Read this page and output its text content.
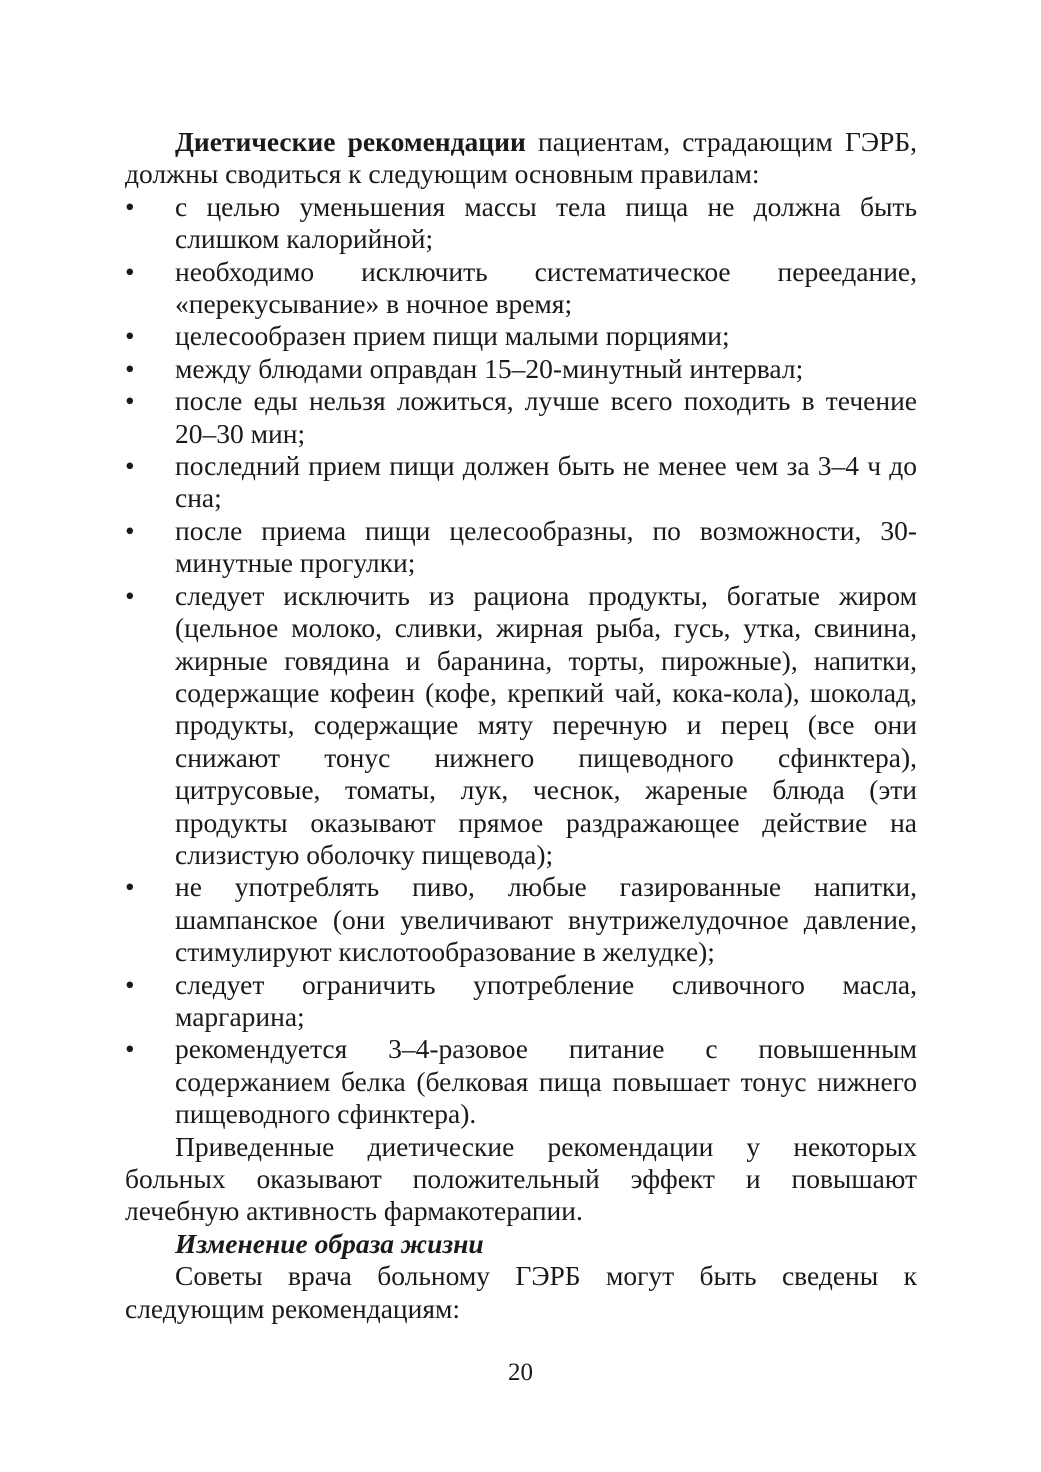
Диетические рекомендации пациентам, страдающим ГЭРБ, должны сводиться к следующим основным правилам:

•	с целью уменьшения массы тела пища не должна быть слишком калорийной;
•	необходимо исключить систематическое переедание, «перекусывание» в ночное время;
•	целесообразен прием пищи малыми порциями;
•	между блюдами оправдан 15–20-минутный интервал;
•	после еды нельзя ложиться, лучше всего походить в течение 20–30 мин;
•	последний прием пищи должен быть не менее чем за 3–4 ч до сна;
•	после приема пищи целесообразны, по возможности, 30-минутные прогулки;
•	следует исключить из рациона продукты, богатые жиром (цельное молоко, сливки, жирная рыба, гусь, утка, свинина, жирные говядина и баранина, торты, пирожные), напитки, содержащие кофеин (кофе, крепкий чай, кока-кола), шоколад, продукты, содержащие мяту перечную и перец (все они снижают тонус нижнего пищеводного сфинктера), цитрусовые, томаты, лук, чеснок, жареные блюда (эти продукты оказывают прямое раздражающее действие на слизистую оболочку пищевода);
•	не употреблять пиво, любые газированные напитки, шампанское (они увеличивают внутрижелудочное давление, стимулируют кислотообразование в желудке);
•	следует ограничить употребление сливочного масла, маргарина;
•	рекомендуется 3–4-разовое питание с повышенным содержанием белка (белковая пища повышает тонус нижнего пищеводного сфинктера).

Приведенные диетические рекомендации у некоторых больных оказывают положительный эффект и повышают лечебную активность фармакотерапии.

Изменение образа жизни

Советы врача больному ГЭРБ могут быть сведены к следующим рекомендациям:

20
